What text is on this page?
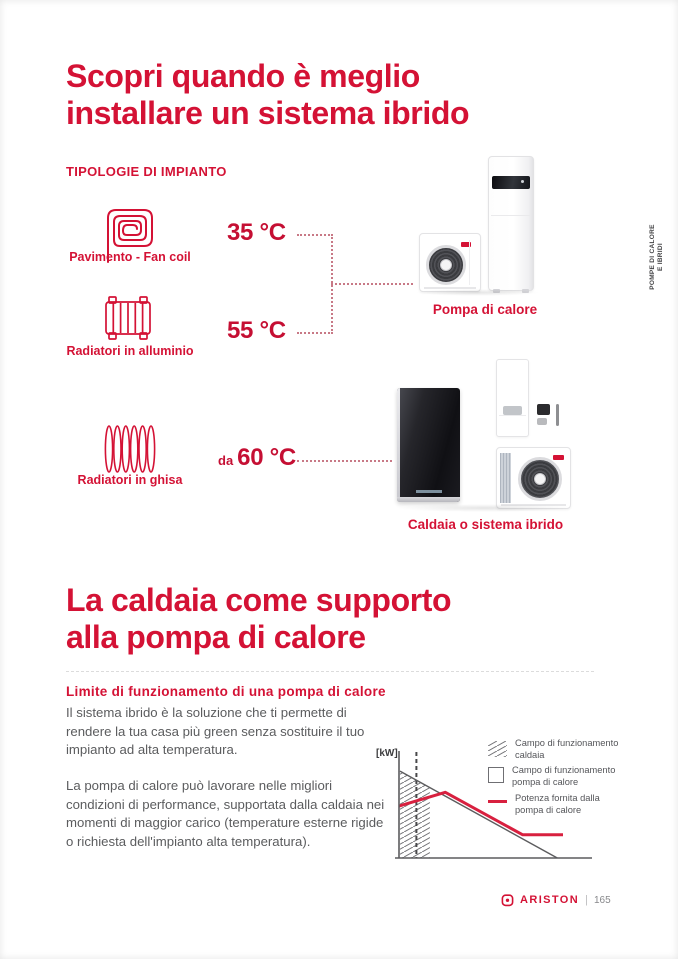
Scopri quando è meglio
installare un sistema ibrido
TIPOLOGIE DI IMPIANTO
Pavimento - Fan coil
35 °C
Radiatori in alluminio
55 °C
Radiatori in ghisa
da 60 °C
Pompa di calore
POMPE DI CALORE E IBRIDI
Caldaia o sistema ibrido
La caldaia come supporto
alla pompa di calore
Limite di funzionamento di una pompa di calore
Il sistema ibrido è la soluzione che ti permette di rendere la tua casa più green senza sostituire il tuo impianto ad alta temperatura.
La pompa di calore può lavorare nelle migliori condizioni di performance, supportata dalla caldaia nei momenti di maggior carico (temperature esterne rigide o richiesta dell'impianto alta temperatura).
[kW]
Campo di funzionamento caldaia
Campo di funzionamento pompa di calore
Potenza fornita dalla pompa di calore
ARISTON | 165
